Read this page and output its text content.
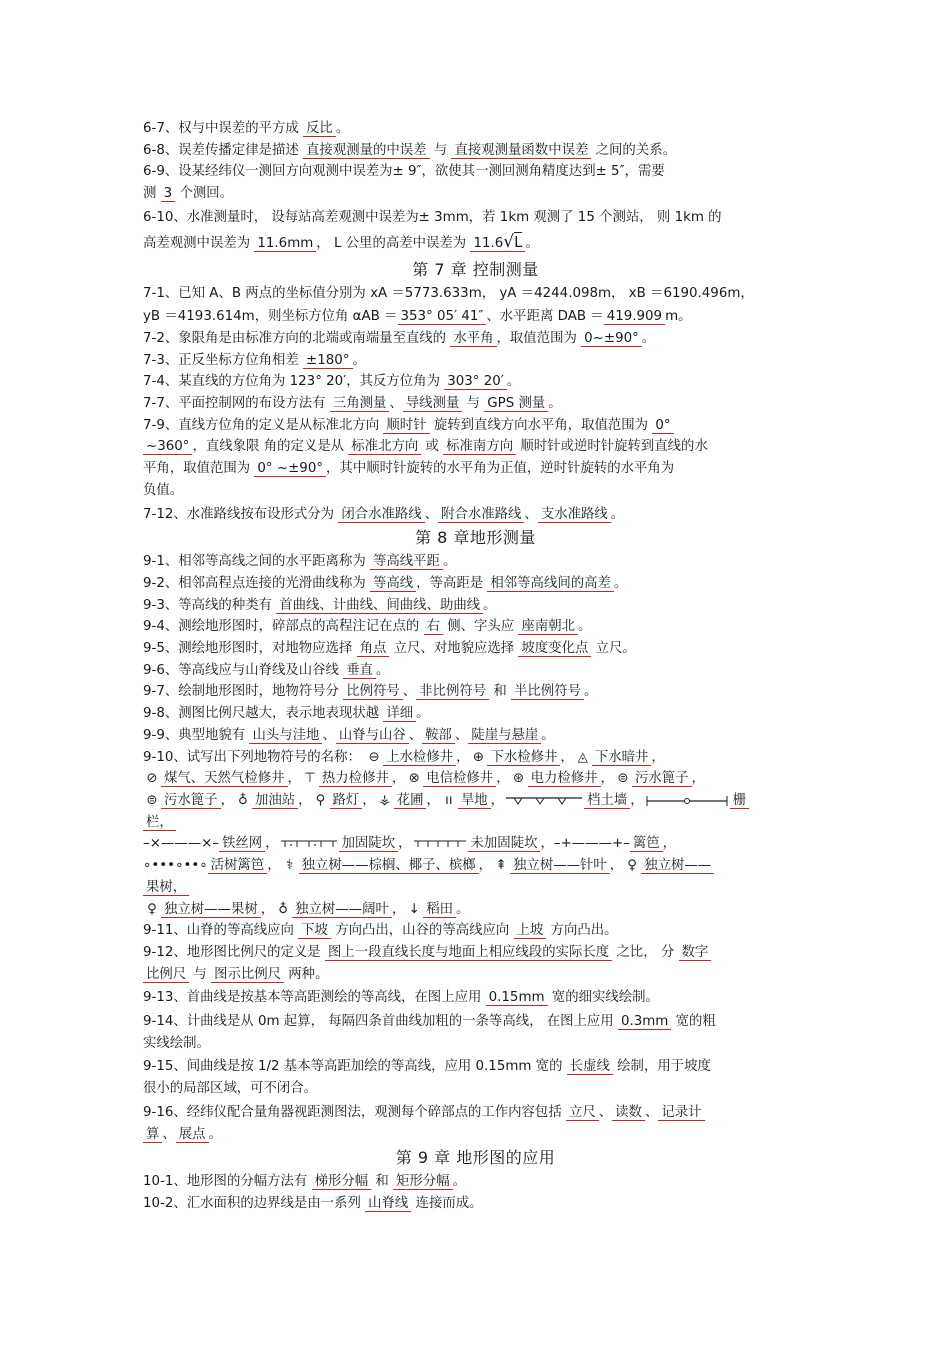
6-7、权与中误差的平方成 反比 。
6-8、误差传播定律是描述 直接观测量的中误差 与 直接观测量函数中误差 之间的关系。
6-9、设某经纬仪一测回方向观测中误差为± 9″，欲使其一测回测角精度达到± 5″，需要
测 3 个测回。
6-10、水准测量时， 设每站高差观测中误差为± 3mm，若 1km 观测了 15 个测站， 则 1km 的
高差观测中误差为 11.6mm ， L 公里的高差中误差为 11.6√L 。
第 7 章 控制测量
7-1、已知 A、B 两点的坐标值分别为 xA ＝5773.633m， yA ＝4244.098m， xB ＝6190.496m，
yB ＝4193.614m，则坐标方位角 αAB ＝ 353° 05′ 41″ 、水平距离 DAB ＝ 419.909 m。
7-2、象限角是由标准方向的北端或南端量至直线的 水平角 ，取值范围为 0~±90° 。
7-3、正反坐标方位角相差 ±180° 。
7-4、某直线的方位角为 123° 20′，其反方位角为 303° 20′ 。
7-7、平面控制网的布设方法有 三角测量 、 导线测量 与 GPS 测量 。
7-9、直线方位角的定义是从标准北方向 顺时针 旋转到直线方向水平角，取值范围为 0°
~360° ，直线象限 角的定义是从 标准北方向 或 标准南方向 顺时针或逆时针旋转到直线的水
平角，取值范围为 0° ~±90° ，其中顺时针旋转的水平角为正值，逆时针旋转的水平角为
负值。
7-12、水准路线按布设形式分为 闭合水准路线 、 附合水准路线 、 支水准路线 。
第 8 章地形测量
9-1、相邻等高线之间的水平距离称为 等高线平距 。
9-2、相邻高程点连接的光滑曲线称为 等高线 ，等高距是 相邻等高线间的高差 。
9-3、等高线的种类有 首曲线、计曲线、间曲线、助曲线 。
9-4、测绘地形图时，碎部点的高程注记在点的 右 侧、字头应 座南朝北 。
9-5、测绘地形图时，对地物应选择 角点 立尺、对地貌应选择 坡度变化点 立尺。
9-6、等高线应与山脊线及山谷线 垂直 。
9-7、绘制地形图时，地物符号分 比例符号 、 非比例符号 和 半比例符号 。
9-8、测图比例尺越大，表示地表现状越 详细 。
9-9、典型地貌有 山头与洼地 、 山脊与山谷 、 鞍部 、 陡崖与悬崖 。
9-10、试写出下列地物符号的名称： ⊖ 上水检修井 ， ⊕ 下水检修井 ， ◬ 下水暗井 ，
⊘ 煤气、天然气检修井 ， ⊤ 热力检修井 ， ⊗ 电信检修井 ， ⊛ 电力检修井 ， ⊜ 污水篦子 ，
⊜ 污水篦子 ， ♁ 加油站 ， ⚲ 路灯 ， ⚶ 花圃 ， ıı 旱地 ，	档土墙 ，	栅
栏，
–×———×– 铁丝网 ，	加固陡坎 ，	未加固陡坎 ，–+———+– 篱笆 ，
∘•••∘••∘ 活树篱笆 ， ⚕ 独立树——棕榈、椰子、槟榔 ， ⇞ 独立树——针叶 ， ♀ 独立树——
果树，
♀ 独立树——果树 ， ♁ 独立树——阔叶 ， ↓ 稻田 。
9-11、山脊的等高线应向 下坡 方向凸出，山谷的等高线应向 上坡 方向凸出。
9-12、地形图比例尺的定义是 图上一段直线长度与地面上相应线段的实际长度 之比， 分 数字
比例尺 与 图示比例尺 两种。
9-13、首曲线是按基本等高距测绘的等高线，在图上应用 0.15mm 宽的细实线绘制。
9-14、计曲线是从 0m 起算， 每隔四条首曲线加粗的一条等高线， 在图上应用 0.3mm 宽的粗
实线绘制。
9-15、间曲线是按 1/2 基本等高距加绘的等高线，应用 0.15mm 宽的 长虚线 绘制，用于坡度
很小的局部区域，可不闭合。
9-16、经纬仪配合量角器视距测图法，观测每个碎部点的工作内容包括 立尺 、 读数 、 记录计
算 、 展点 。
第 9 章 地形图的应用
10-1、地形图的分幅方法有 梯形分幅 和 矩形分幅 。
10-2、汇水面积的边界线是由一系列 山脊线 连接而成。
